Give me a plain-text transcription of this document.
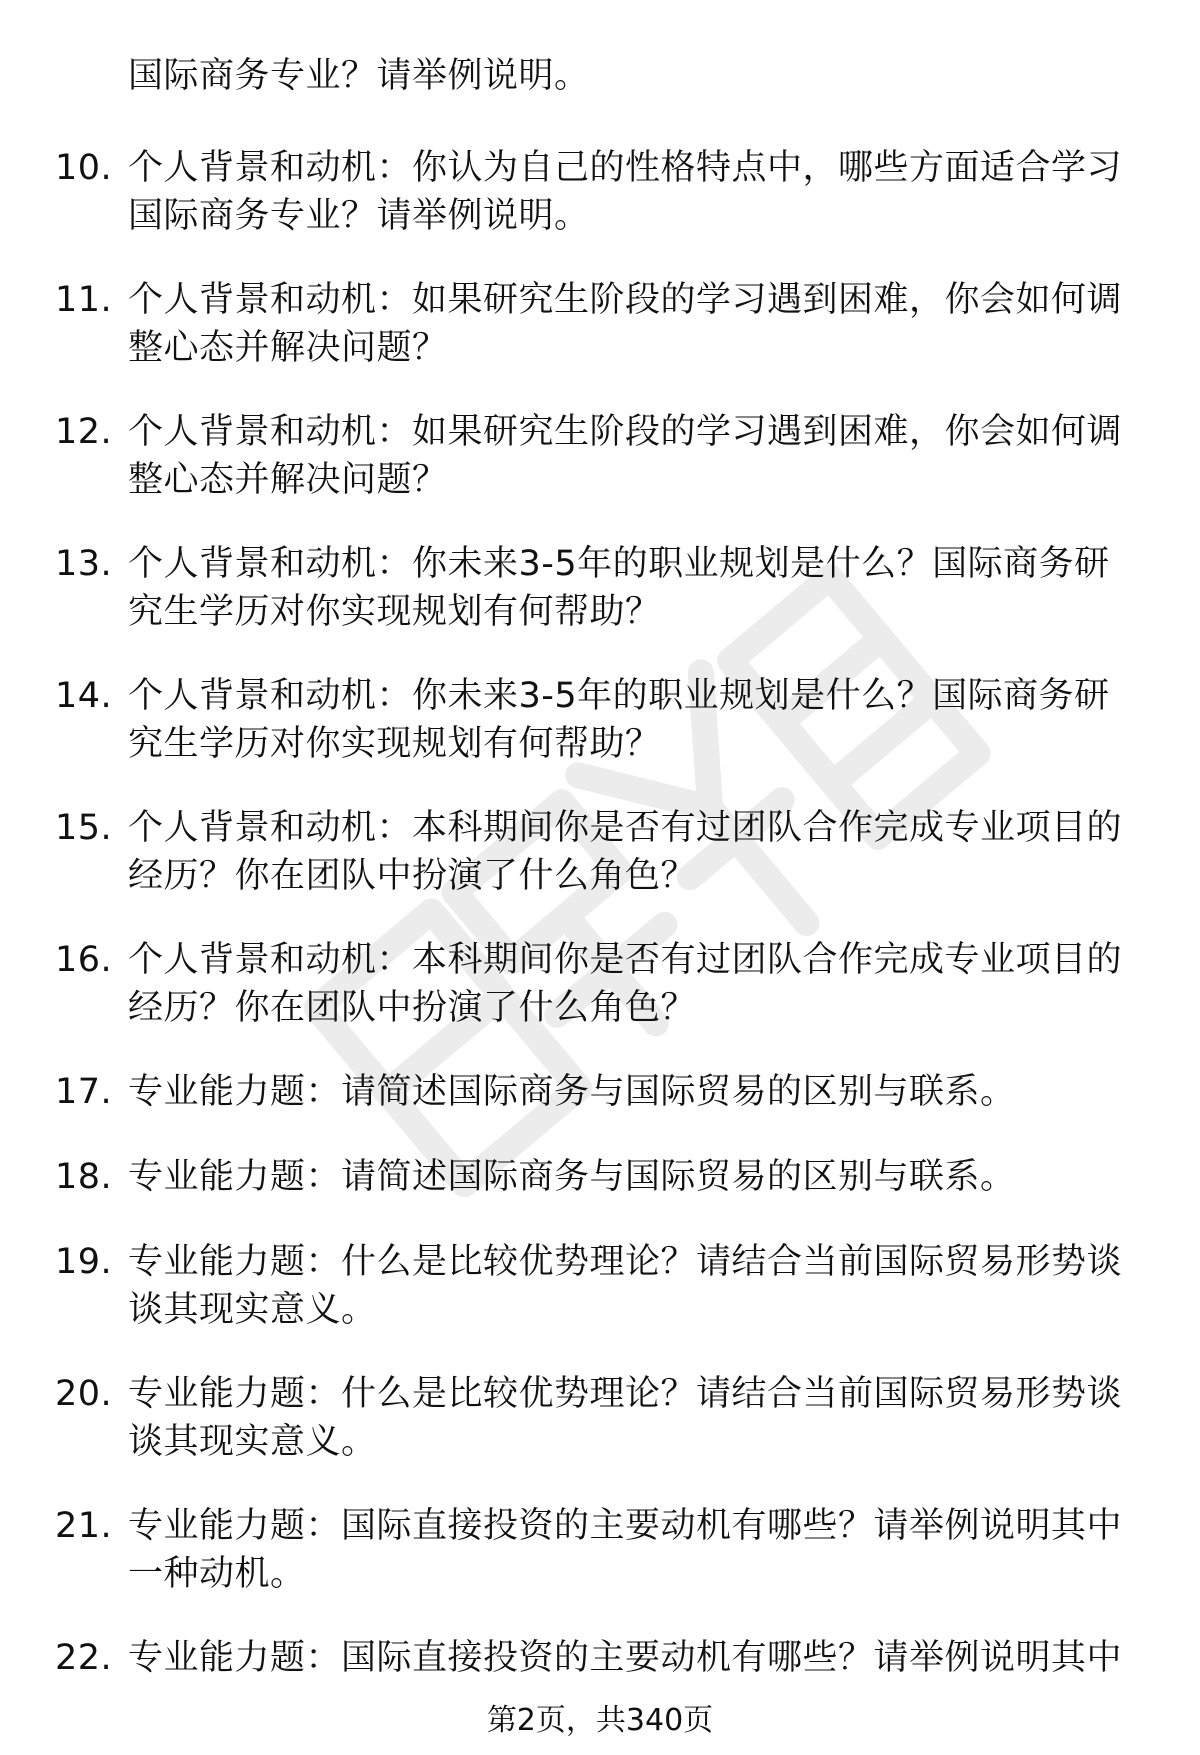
国际商务专业？请举例说明。
10. 个人背景和动机：你认为自己的性格特点中，哪些方面适合学习
国际商务专业？请举例说明。
11. 个人背景和动机：如果研究生阶段的学习遇到困难，你会如何调
整心态并解决问题？
12. 个人背景和动机：如果研究生阶段的学习遇到困难，你会如何调
整心态并解决问题？
13. 个人背景和动机：你未来3-5年的职业规划是什么？国际商务研
究生学历对你实现规划有何帮助？
14. 个人背景和动机：你未来3-5年的职业规划是什么？国际商务研
究生学历对你实现规划有何帮助？
15. 个人背景和动机：本科期间你是否有过团队合作完成专业项目的
经历？你在团队中扮演了什么角色？
16. 个人背景和动机：本科期间你是否有过团队合作完成专业项目的
经历？你在团队中扮演了什么角色？
17. 专业能力题：请简述国际商务与国际贸易的区别与联系。
18. 专业能力题：请简述国际商务与国际贸易的区别与联系。
19. 专业能力题：什么是比较优势理论？请结合当前国际贸易形势谈
谈其现实意义。
20. 专业能力题：什么是比较优势理论？请结合当前国际贸易形势谈
谈其现实意义。
21. 专业能力题：国际直接投资的主要动机有哪些？请举例说明其中
一种动机。
22. 专业能力题：国际直接投资的主要动机有哪些？请举例说明其中
第2页，共340页
